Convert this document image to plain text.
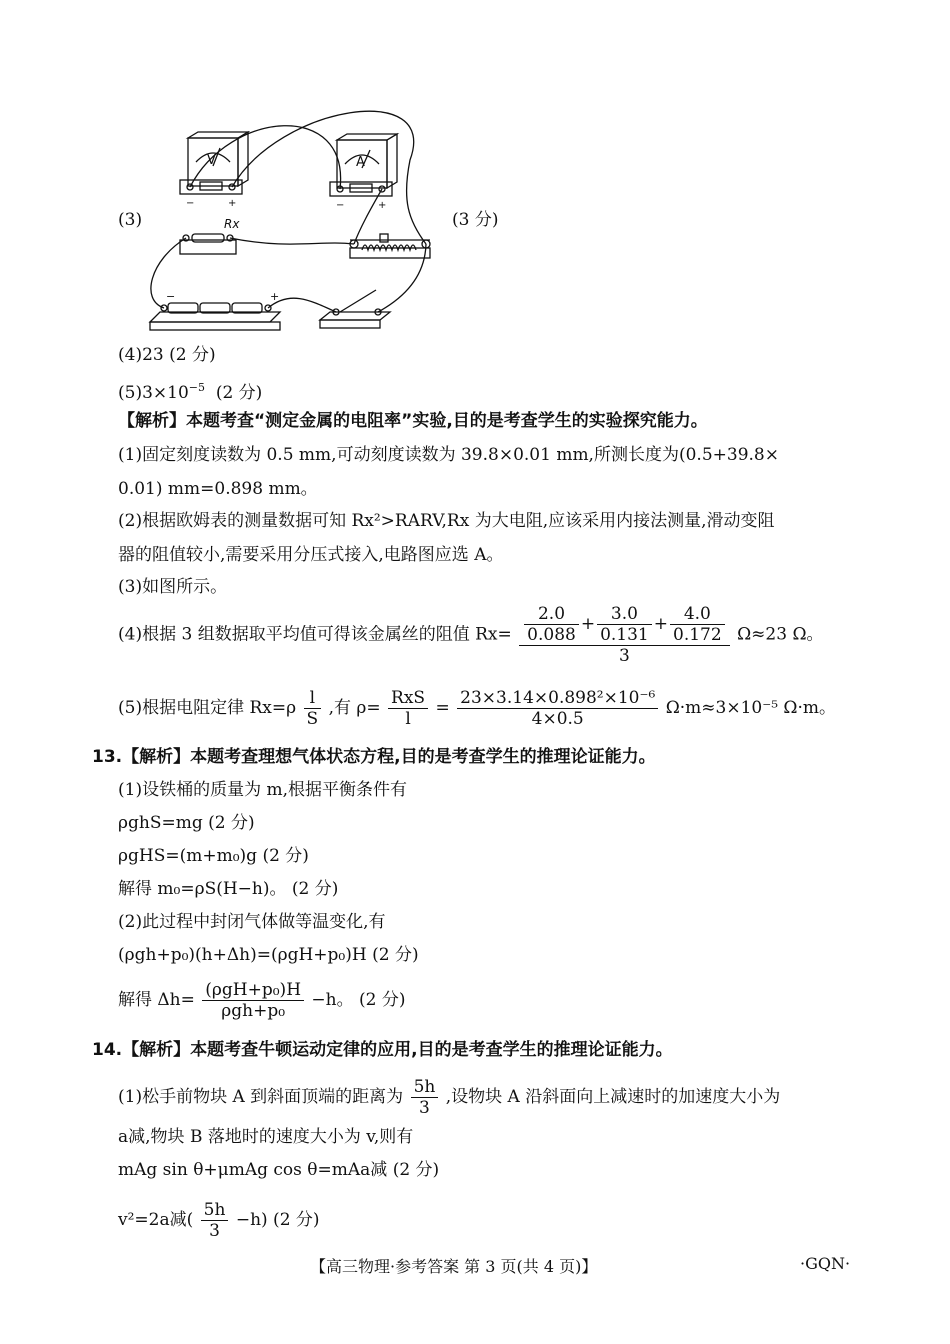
V	A
−	+	−	+
Rx
−	+
(3)	(3 分)
(4)23 (2 分)
$(5)3\times 10^{-5}$ (2 分)
【解析】本题考查“测定金属的电阻率”实验,目的是考查学生的实验探究能力。
(1)固定刻度读数为 0.5 mm,可动刻度读数为 39.8×0.01 mm,所测长度为(0.5+39.8×
0.01) mm=0.898 mm。
(2)根据欧姆表的测量数据可知 Rx²>RARV,Rx 为大电阻,应该采用内接法测量,滑动变阻
器的阻值较小,需要采用分压式接入,电路图应选 A。
(3)如图所示。
(4)根据 3 组数据取平均值可得该金属丝的阻值 $Rx= \frac{\frac{2.0}{0.088} + \frac{3.0}{0.131} + \frac{4.0}{0.172}}{3} \Omega\approx 23$ Ω。
(5)根据电阻定律 $Rx=\rho \frac{l}{S}$ ,有 $\rho= \frac{\text{RxS}}{l} = \frac{\text{23×3.14×0.898²×10⁻⁶}}{4\times 0.5} \Omega\cdot m\approx 3\times 10^{-5}$ Ω·m。
13.【解析】本题考查理想气体状态方程,目的是考查学生的推理论证能力。
(1)设铁桶的质量为 m,根据平衡条件有
ρghS=mg (2 分)
ρgHS=(m+m₀)g (2 分)
解得 m₀=ρS(H−h)。 (2 分)
(2)此过程中封闭气体做等温变化,有
(ρgh+p₀)(h+Δh)=(ρgH+p₀)H (2 分)
解得 $\Delta h= \frac{\text{(ρgH+p₀)H}}{\text{ρgh+p₀}} -h$。 (2 分)
14.【解析】本题考查牛顿运动定律的应用,目的是考查学生的推理论证能力。
(1)松手前物块 A 到斜面顶端的距离为 $\frac{5h}{3}$ ,设物块 A 沿斜面向上减速时的加速度大小为
a减,物块 B 落地时的速度大小为 v,则有
mAg sin θ+μmAg cos θ=mAa减 (2 分)
v²=2a减( $\frac{5h}{3} -h$) (2 分)
【高三物理·参考答案 第 3 页(共 4 页)】	·GQN·
